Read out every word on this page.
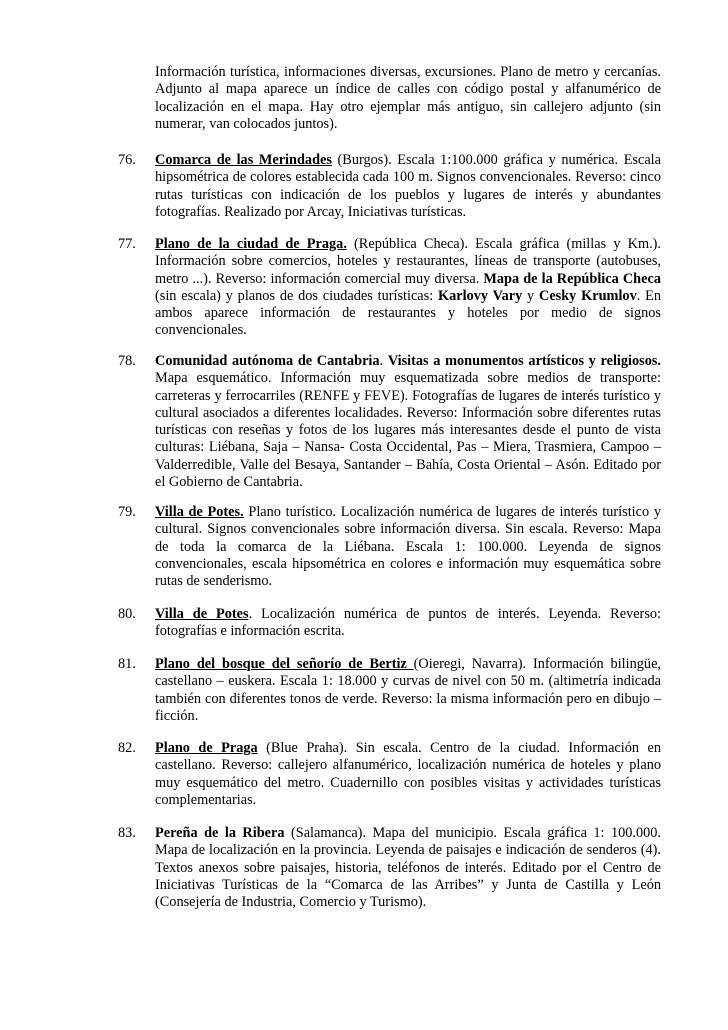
Información turística, informaciones diversas, excursiones. Plano de metro y cercanías. Adjunto al mapa aparece un índice de calles con código postal y alfanumérico de localización en el mapa. Hay otro ejemplar más antiguo, sin callejero adjunto (sin numerar, van colocados juntos).

76.	Comarca de las Merindades (Burgos). Escala 1:100.000 gráfica y numérica. Escala hipsométrica de colores establecida cada 100 m. Signos convencionales. Reverso: cinco rutas turísticas con indicación de los pueblos y lugares de interés y abundantes fotografías. Realizado por Arcay, Iniciativas turísticas.
77.	Plano de la ciudad de Praga. (República Checa). Escala gráfica (millas y Km.). Información sobre comercios, hoteles y restaurantes, líneas de transporte (autobuses, metro ...). Reverso: información comercial muy diversa. Mapa de la República Checa (sin escala) y planos de dos ciudades turísticas: Karlovy Vary y Cesky Krumlov. En ambos aparece información de restaurantes y hoteles por medio de signos convencionales.
78.	Comunidad autónoma de Cantabria. Visitas a monumentos artísticos y religiosos. Mapa esquemático. Información muy esquematizada sobre medios de transporte: carreteras y ferrocarriles (RENFE y FEVE). Fotografías de lugares de interés turístico y cultural asociados a diferentes localidades. Reverso: Información sobre diferentes rutas turísticas con reseñas y fotos de los lugares más interesantes desde el punto de vista culturas: Liébana, Saja – Nansa- Costa Occidental, Pas – Miera, Trasmiera, Campoo – Valderredible, Valle del Besaya, Santander – Bahía, Costa Oriental – Asón. Editado por el Gobierno de Cantabria.
79.	Villa de Potes. Plano turístico. Localización numérica de lugares de interés turístico y cultural. Signos convencionales sobre información diversa. Sin escala. Reverso: Mapa de toda la comarca de la Liébana. Escala 1: 100.000. Leyenda de signos convencionales, escala hipsométrica en colores e información muy esquemática sobre rutas de senderismo.
80.	Villa de Potes. Localización numérica de puntos de interés. Leyenda. Reverso: fotografías e información escrita.
81.	Plano del bosque del señorío de Bertiz (Oieregi, Navarra). Información bilingüe, castellano – euskera. Escala 1: 18.000 y curvas de nivel con 50 m. (altimetría indicada también con diferentes tonos de verde. Reverso: la misma información pero en dibujo – ficción.
82.	Plano de Praga (Blue Praha). Sin escala. Centro de la ciudad. Información en castellano. Reverso: callejero alfanumérico, localización numérica de hoteles y plano muy esquemático del metro. Cuadernillo con posibles visitas y actividades turísticas complementarias.
83.	Pereña de la Ribera (Salamanca). Mapa del municipio. Escala gráfica 1: 100.000. Mapa de localización en la provincia. Leyenda de paisajes e indicación de senderos (4). Textos anexos sobre paisajes, historia, teléfonos de interés. Editado por el Centro de Iniciativas Turísticas de la “Comarca de las Arribes” y Junta de Castilla y León (Consejería de Industria, Comercio y Turismo).
